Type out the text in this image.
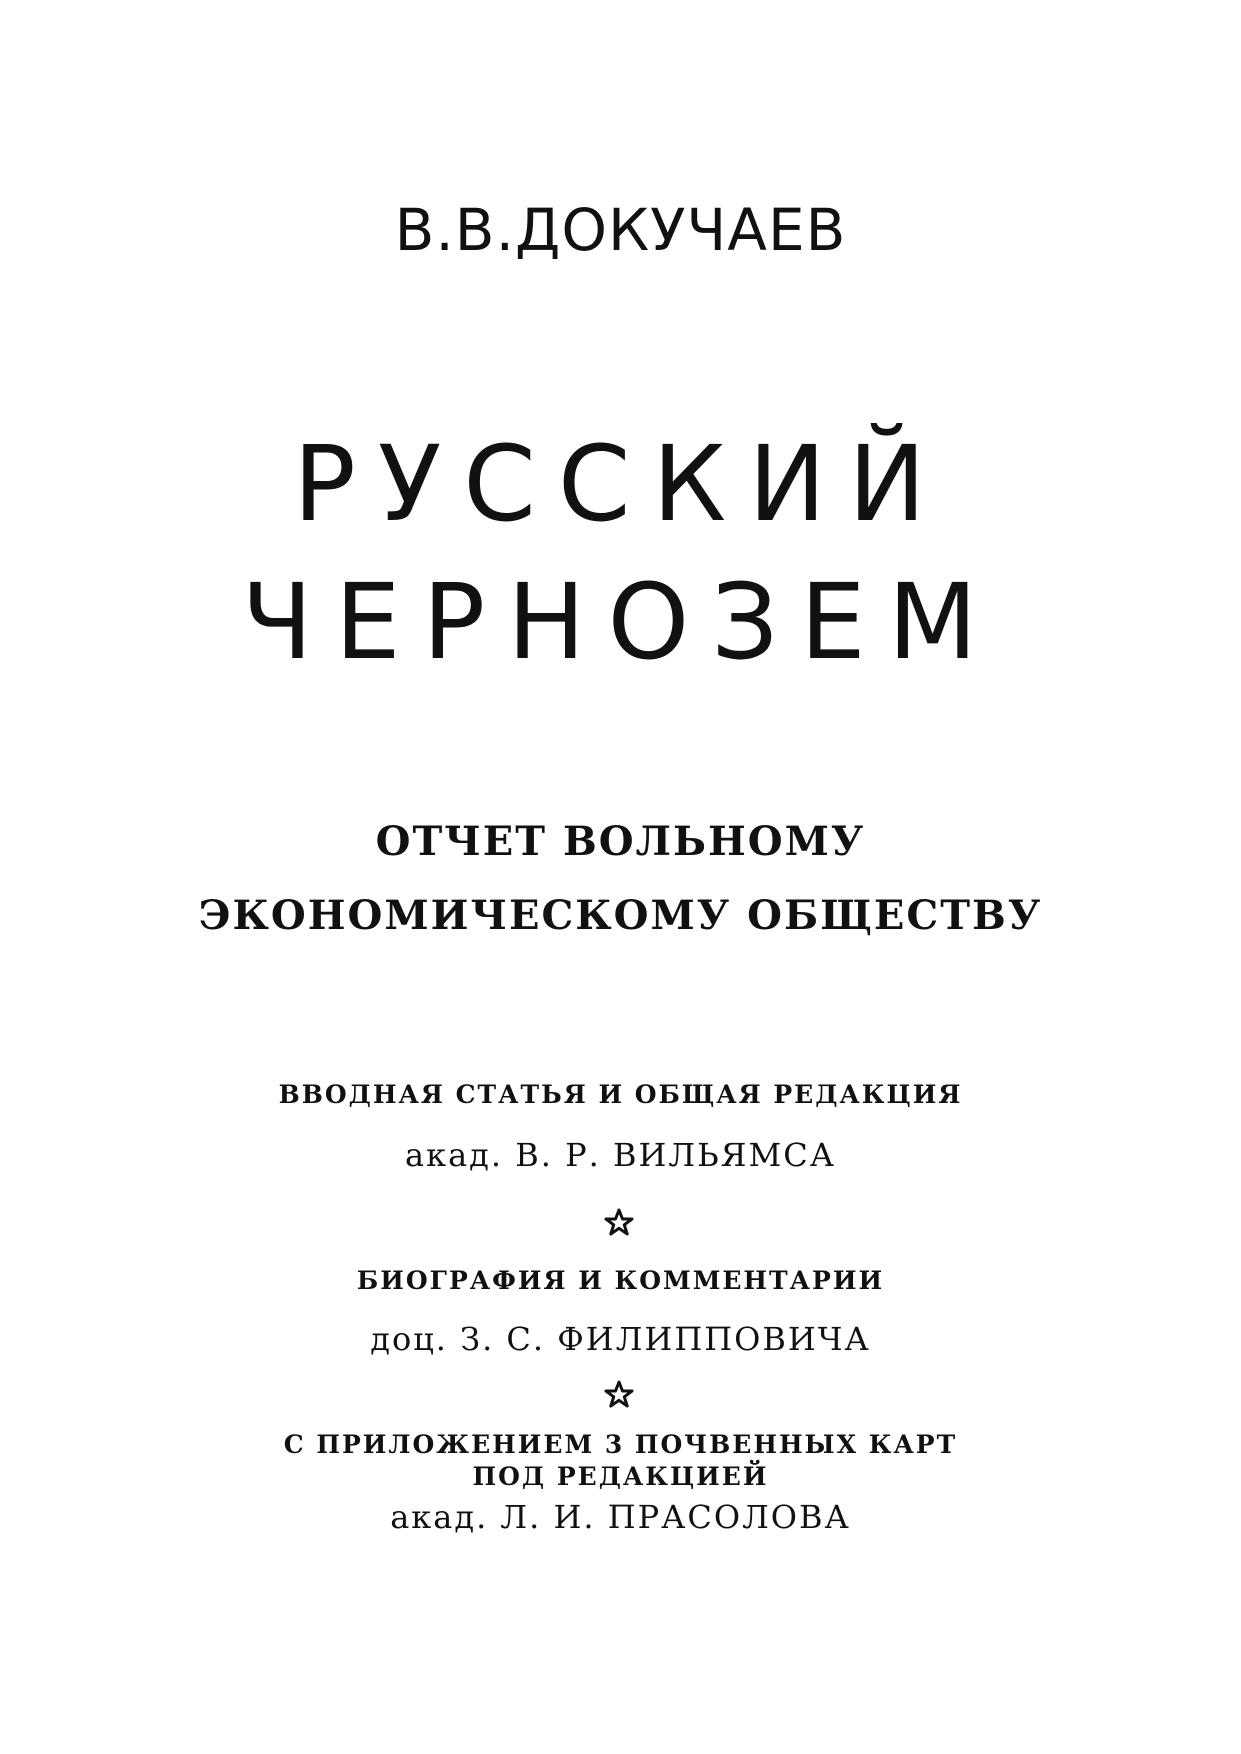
В.В.ДОКУЧАЕВ
РУССКИЙ
ЧЕРНОЗЕМ
ОТЧЕТ ВОЛЬНОМУ
ЭКОНОМИЧЕСКОМУ ОБЩЕСТВУ
ВВОДНАЯ СТАТЬЯ И ОБЩАЯ РЕДАКЦИЯ
акад. В. Р. ВИЛЬЯМСА
БИОГРАФИЯ И КОММЕНТАРИИ
доц. З. С. ФИЛИППОВИЧА
С ПРИЛОЖЕНИЕМ 3 ПОЧВЕННЫХ КАРТ
ПОД РЕДАКЦИЕЙ
акад. Л. И. ПРАСОЛОВА
